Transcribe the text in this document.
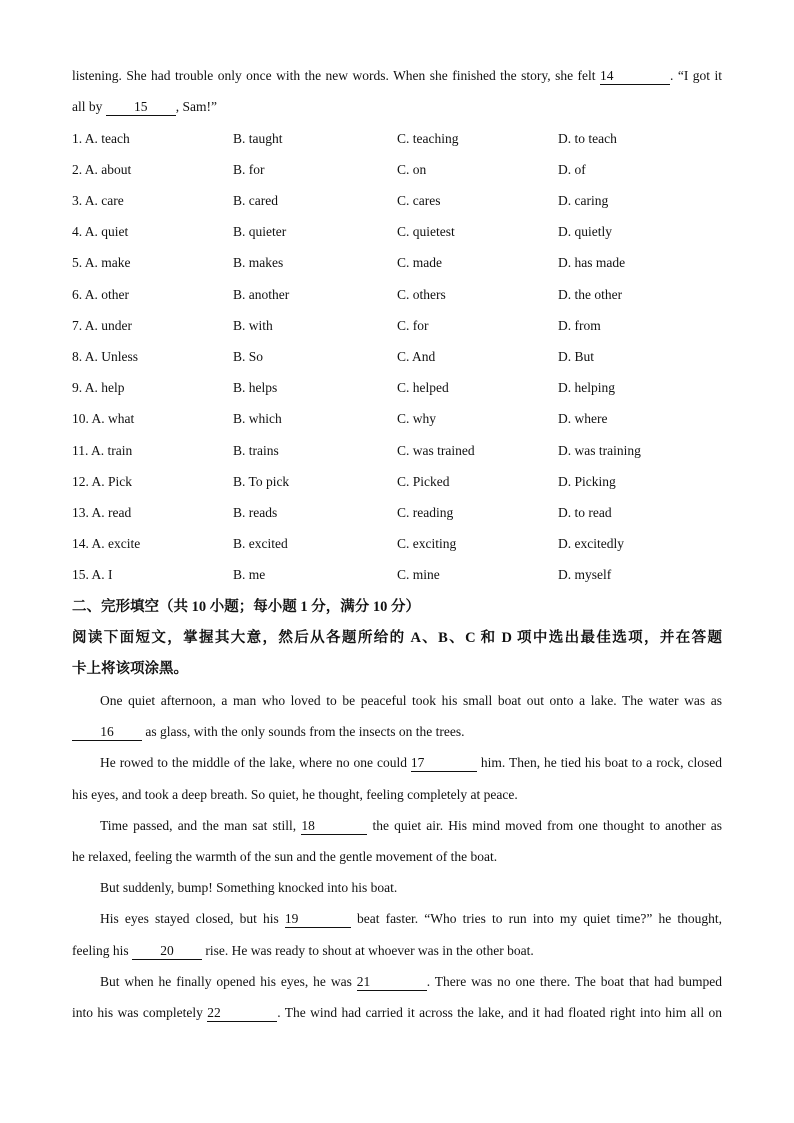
listening. She had trouble only once with the new words. When she finished the story, she felt 14	. “I got it
all by 15 , Sam!”
1. A. teach	B. taught	C. teaching	D. to teach
2. A. about	B. for	C. on	D. of
3. A. care	B. cared	C. cares	D. caring
4. A. quiet	B. quieter	C. quietest	D. quietly
5. A. make	B. makes	C. made	D. has made
6. A. other	B. another	C. others	D. the other
7. A. under	B. with	C. for	D. from
8. A. Unless	B. So	C. And	D. But
9. A. help	B. helps	C. helped	D. helping
10. A. what	B. which	C. why	D. where
11. A. train	B. trains	C. was trained	D. was training
12. A. Pick	B. To pick	C. Picked	D. Picking
13. A. read	B. reads	C. reading	D. to read
14. A. excite	B. excited	C. exciting	D. excitedly
15. A. I	B. me	C. mine	D. myself
二、完形填空（共 10 小题；每小题 1 分，满分 10 分）
阅读下面短文，掌握其大意，然后从各题所给的 A、B、C 和 D 项中选出最佳选项，并在答题
卡上将该项涂黑。
One quiet afternoon, a man who loved to be peaceful took his small boat out onto a lake. The water was as
16 as glass, with the only sounds from the insects on the trees.
He rowed to the middle of the lake, where no one could 17	him. Then, he tied his boat to a rock, closed
his eyes, and took a deep breath. So quiet, he thought, feeling completely at peace.
Time passed, and the man sat still, 18	the quiet air. His mind moved from one thought to another as
he relaxed, feeling the warmth of the sun and the gentle movement of the boat.
But suddenly, bump! Something knocked into his boat.
His eyes stayed closed, but his 19	beat faster. “Who tries to run into my quiet time?” he thought,
feeling his 20 rise. He was ready to shout at whoever was in the other boat.
But when he finally opened his eyes, he was 21	. There was no one there. The boat that had bumped
into his was completely 22	. The wind had carried it across the lake, and it had floated right into him all on
